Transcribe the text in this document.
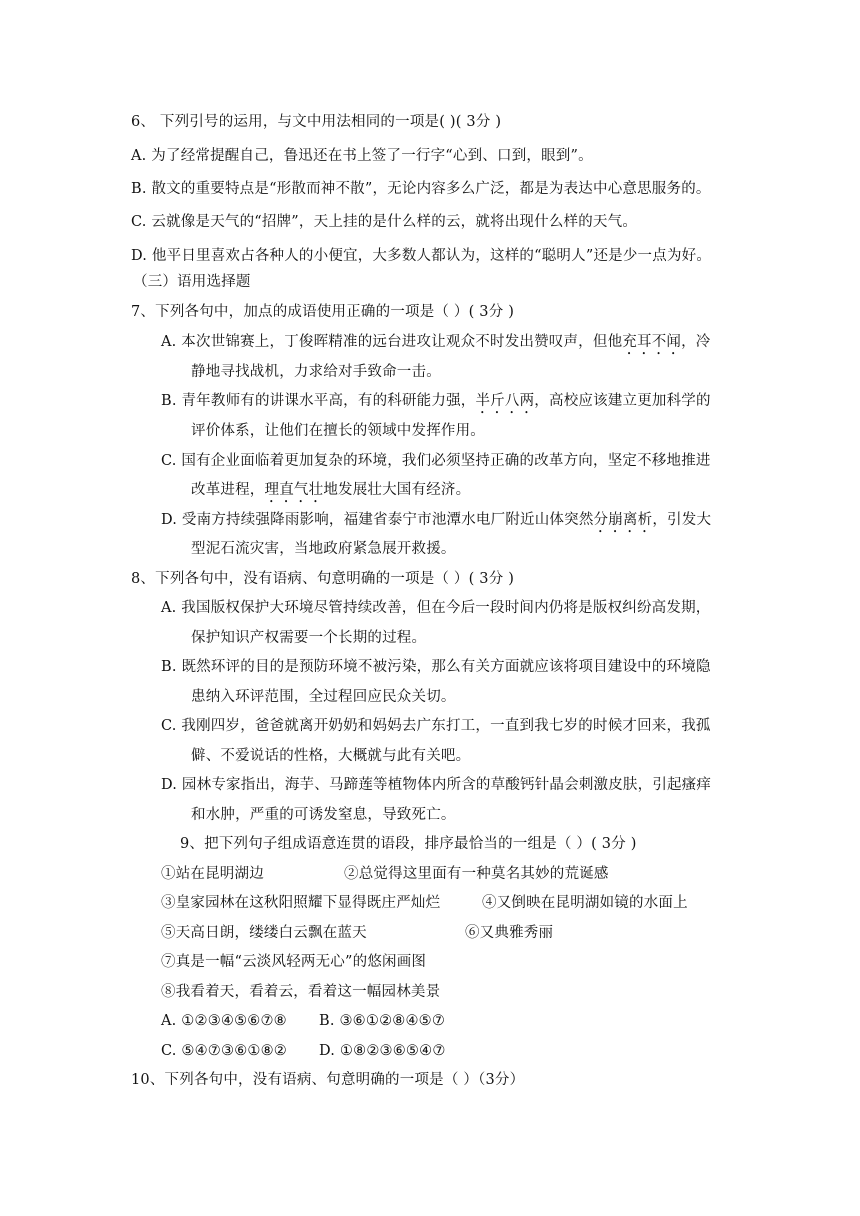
6、 下列引号的运用，与文中用法相同的一项是( )( 3分 )
A. 为了经常提醒自己，鲁迅还在书上签了一行字“心到、口到，眼到”。
B. 散文的重要特点是“形散而神不散”，无论内容多么广泛，都是为表达中心意思服务的。
C. 云就像是天气的“招牌”，天上挂的是什么样的云，就将出现什么样的天气。
D. 他平日里喜欢占各种人的小便宜，大多数人都认为，这样的“聪明人”还是少一点为好。
（三）语用选择题
7、下列各句中，加点的成语使用正确的一项是（ ）( 3分 )
A. 本次世锦赛上，丁俊晖精准的远台进攻让观众不时发出赞叹声，但他充耳不闻，冷
静地寻找战机，力求给对手致命一击。
B. 青年教师有的讲课水平高，有的科研能力强，半斤八两，高校应该建立更加科学的
评价体系，让他们在擅长的领域中发挥作用。
C. 国有企业面临着更加复杂的环境，我们必须坚持正确的改革方向，坚定不移地推进
改革进程，理直气壮地发展壮大国有经济。
D. 受南方持续强降雨影响，福建省泰宁市池潭水电厂附近山体突然分崩离析，引发大
型泥石流灾害，当地政府紧急展开救援。
8、下列各句中，没有语病、句意明确的一项是（ ）( 3分 )
A. 我国版权保护大环境尽管持续改善，但在今后一段时间内仍将是版权纠纷高发期，
保护知识产权需要一个长期的过程。
B. 既然环评的目的是预防环境不被污染，那么有关方面就应该将项目建设中的环境隐
患纳入环评范围，全过程回应民众关切。
C. 我刚四岁，爸爸就离开奶奶和妈妈去广东打工，一直到我七岁的时候才回来，我孤
僻、不爱说话的性格，大概就与此有关吧。
D. 园林专家指出，海芋、马蹄莲等植物体内所含的草酸钙针晶会刺激皮肤，引起瘙痒
和水肿，严重的可诱发窒息，导致死亡。
9、把下列句子组成语意连贯的语段，排序最恰当的一组是（ ）( 3分 )
①站在昆明湖边	②总觉得这里面有一种莫名其妙的荒诞感
③皇家园林在这秋阳照耀下显得既庄严灿烂	④又倒映在昆明湖如镜的水面上
⑤天高日朗，缕缕白云飘在蓝天	⑥又典雅秀丽
⑦真是一幅“云淡风轻两无心”的悠闲画图
⑧我看着天，看着云，看着这一幅园林美景
A. ①②③④⑤⑥⑦⑧ B. ③⑥①②⑧④⑤⑦
C. ⑤④⑦③⑥①⑧② D. ①⑧②③⑥⑤④⑦
10、下列各句中，没有语病、句意明确的一项是（ ）（3分）
